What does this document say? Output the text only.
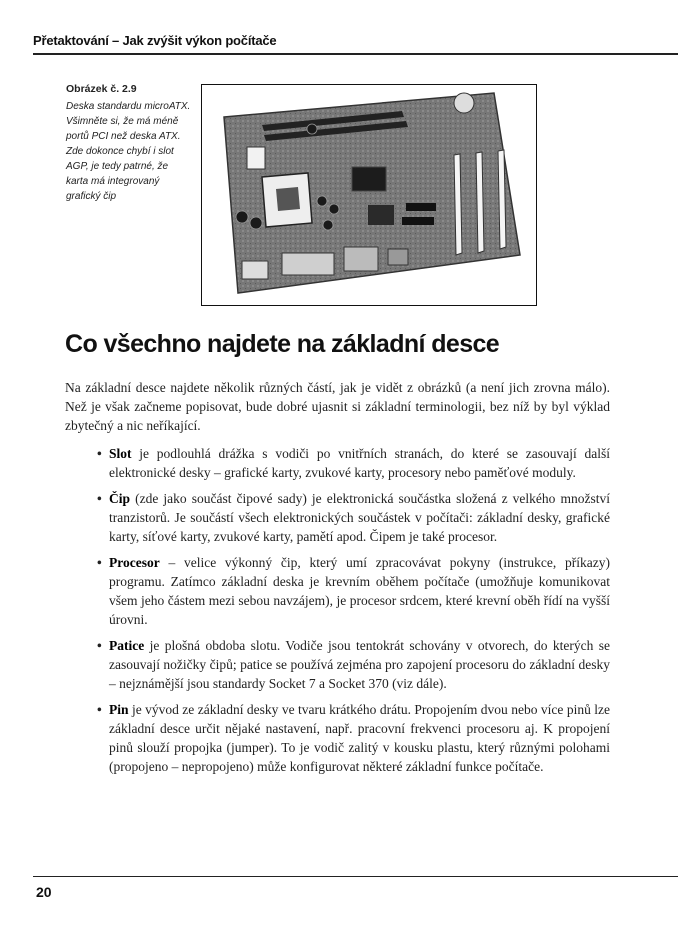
Přetaktování – Jak zvýšit výkon počítače
Obrázek č. 2.9
Deska standardu microATX. Všimněte si, že má méně portů PCI než deska ATX. Zde dokonce chybí i slot AGP, je tedy patrné, že karta má integrovaný grafický čip
Co všechno najdete na základní desce

Na základní desce najdete několik různých částí, jak je vidět z obrázků (a není jich zrovna málo). Než je však začneme popisovat, bude dobré ujasnit si základní terminologii, bez níž by byl výklad zbytečný a nic neříkající.

• Slot je podlouhlá drážka s vodiči po vnitřních stranách, do které se zasouvají další elektronické desky – grafické karty, zvukové karty, procesory nebo paměťové moduly.
• Čip (zde jako součást čipové sady) je elektronická součástka složená z velkého množství tranzistorů. Je součástí všech elektronických součástek v počítači: základní desky, grafické karty, síťové karty, zvukové karty, pamětí apod. Čipem je také procesor.
• Procesor – velice výkonný čip, který umí zpracovávat pokyny (instrukce, příkazy) programu. Zatímco základní deska je krevním oběhem počítače (umožňuje komunikovat všem jeho částem mezi sebou navzájem), je procesor srdcem, které krevní oběh řídí na vyšší úrovni.
• Patice je plošná obdoba slotu. Vodiče jsou tentokrát schovány v otvorech, do kterých se zasouvají nožičky čipů; patice se používá zejména pro zapojení procesoru do základní desky – nejznámější jsou standardy Socket 7 a Socket 370 (viz dále).
• Pin je vývod ze základní desky ve tvaru krátkého drátu. Propojením dvou nebo více pinů lze základní desce určit nějaké nastavení, např. pracovní frekvenci procesoru aj. K propojení pinů slouží propojka (jumper). To je vodič zalitý v kousku plastu, který různými polohami (propojeno – nepropojeno) může konfigurovat některé základní funkce počítače.
20
